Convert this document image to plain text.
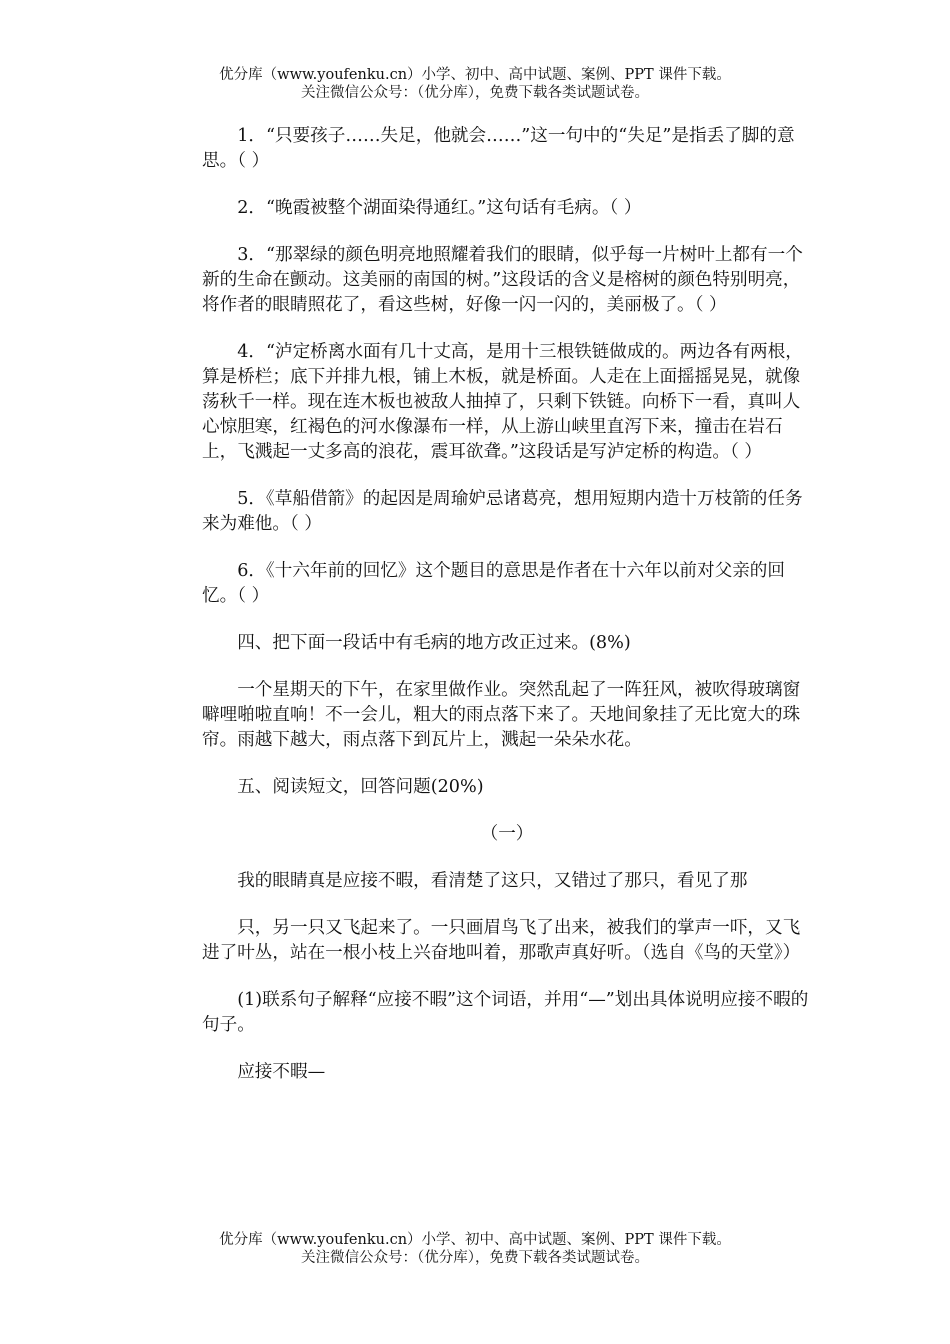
优分库（www.youfenku.cn）小学、初中、高中试题、案例、PPT 课件下载。
关注微信公众号：（优分库），免费下载各类试题试卷。

1．“只要孩子……失足，他就会……”这一句中的“失足”是指丢了脚的意思。（ ）

2．“晚霞被整个湖面染得通红。”这句话有毛病。（ ）

3．“那翠绿的颜色明亮地照耀着我们的眼睛，似乎每一片树叶上都有一个新的生命在颤动。这美丽的南国的树。”这段话的含义是榕树的颜色特别明亮，将作者的眼睛照花了，看这些树，好像一闪一闪的，美丽极了。（ ）

4．“泸定桥离水面有几十丈高，是用十三根铁链做成的。两边各有两根，算是桥栏；底下并排九根，铺上木板，就是桥面。人走在上面摇摇晃晃，就像荡秋千一样。现在连木板也被敌人抽掉了，只剩下铁链。向桥下一看，真叫人心惊胆寒，红褐色的河水像瀑布一样，从上游山峡里直泻下来，撞击在岩石上，飞溅起一丈多高的浪花，震耳欲聋。”这段话是写泸定桥的构造。（ ）

5．《草船借箭》的起因是周瑜妒忌诸葛亮，想用短期内造十万枝箭的任务来为难他。（ ）

6．《十六年前的回忆》这个题目的意思是作者在十六年以前对父亲的回忆。（ ）

四、把下面一段话中有毛病的地方改正过来。(8%)

一个星期天的下午，在家里做作业。突然乱起了一阵狂风，被吹得玻璃窗噼哩啪啦直响！不一会儿，粗大的雨点落下来了。天地间象挂了无比宽大的珠帘。雨越下越大，雨点落下到瓦片上，溅起一朵朵水花。

五、阅读短文，回答问题(20%)

（一）

我的眼睛真是应接不暇，看清楚了这只，又错过了那只，看见了那

只，另一只又飞起来了。一只画眉鸟飞了出来，被我们的掌声一吓，又飞进了叶丛，站在一根小枝上兴奋地叫着，那歌声真好听。（选自《鸟的天堂》）

(1)联系句子解释“应接不暇”这个词语，并用“—”划出具体说明应接不暇的句子。

应接不暇—

优分库（www.youfenku.cn）小学、初中、高中试题、案例、PPT 课件下载。
关注微信公众号：（优分库），免费下载各类试题试卷。
